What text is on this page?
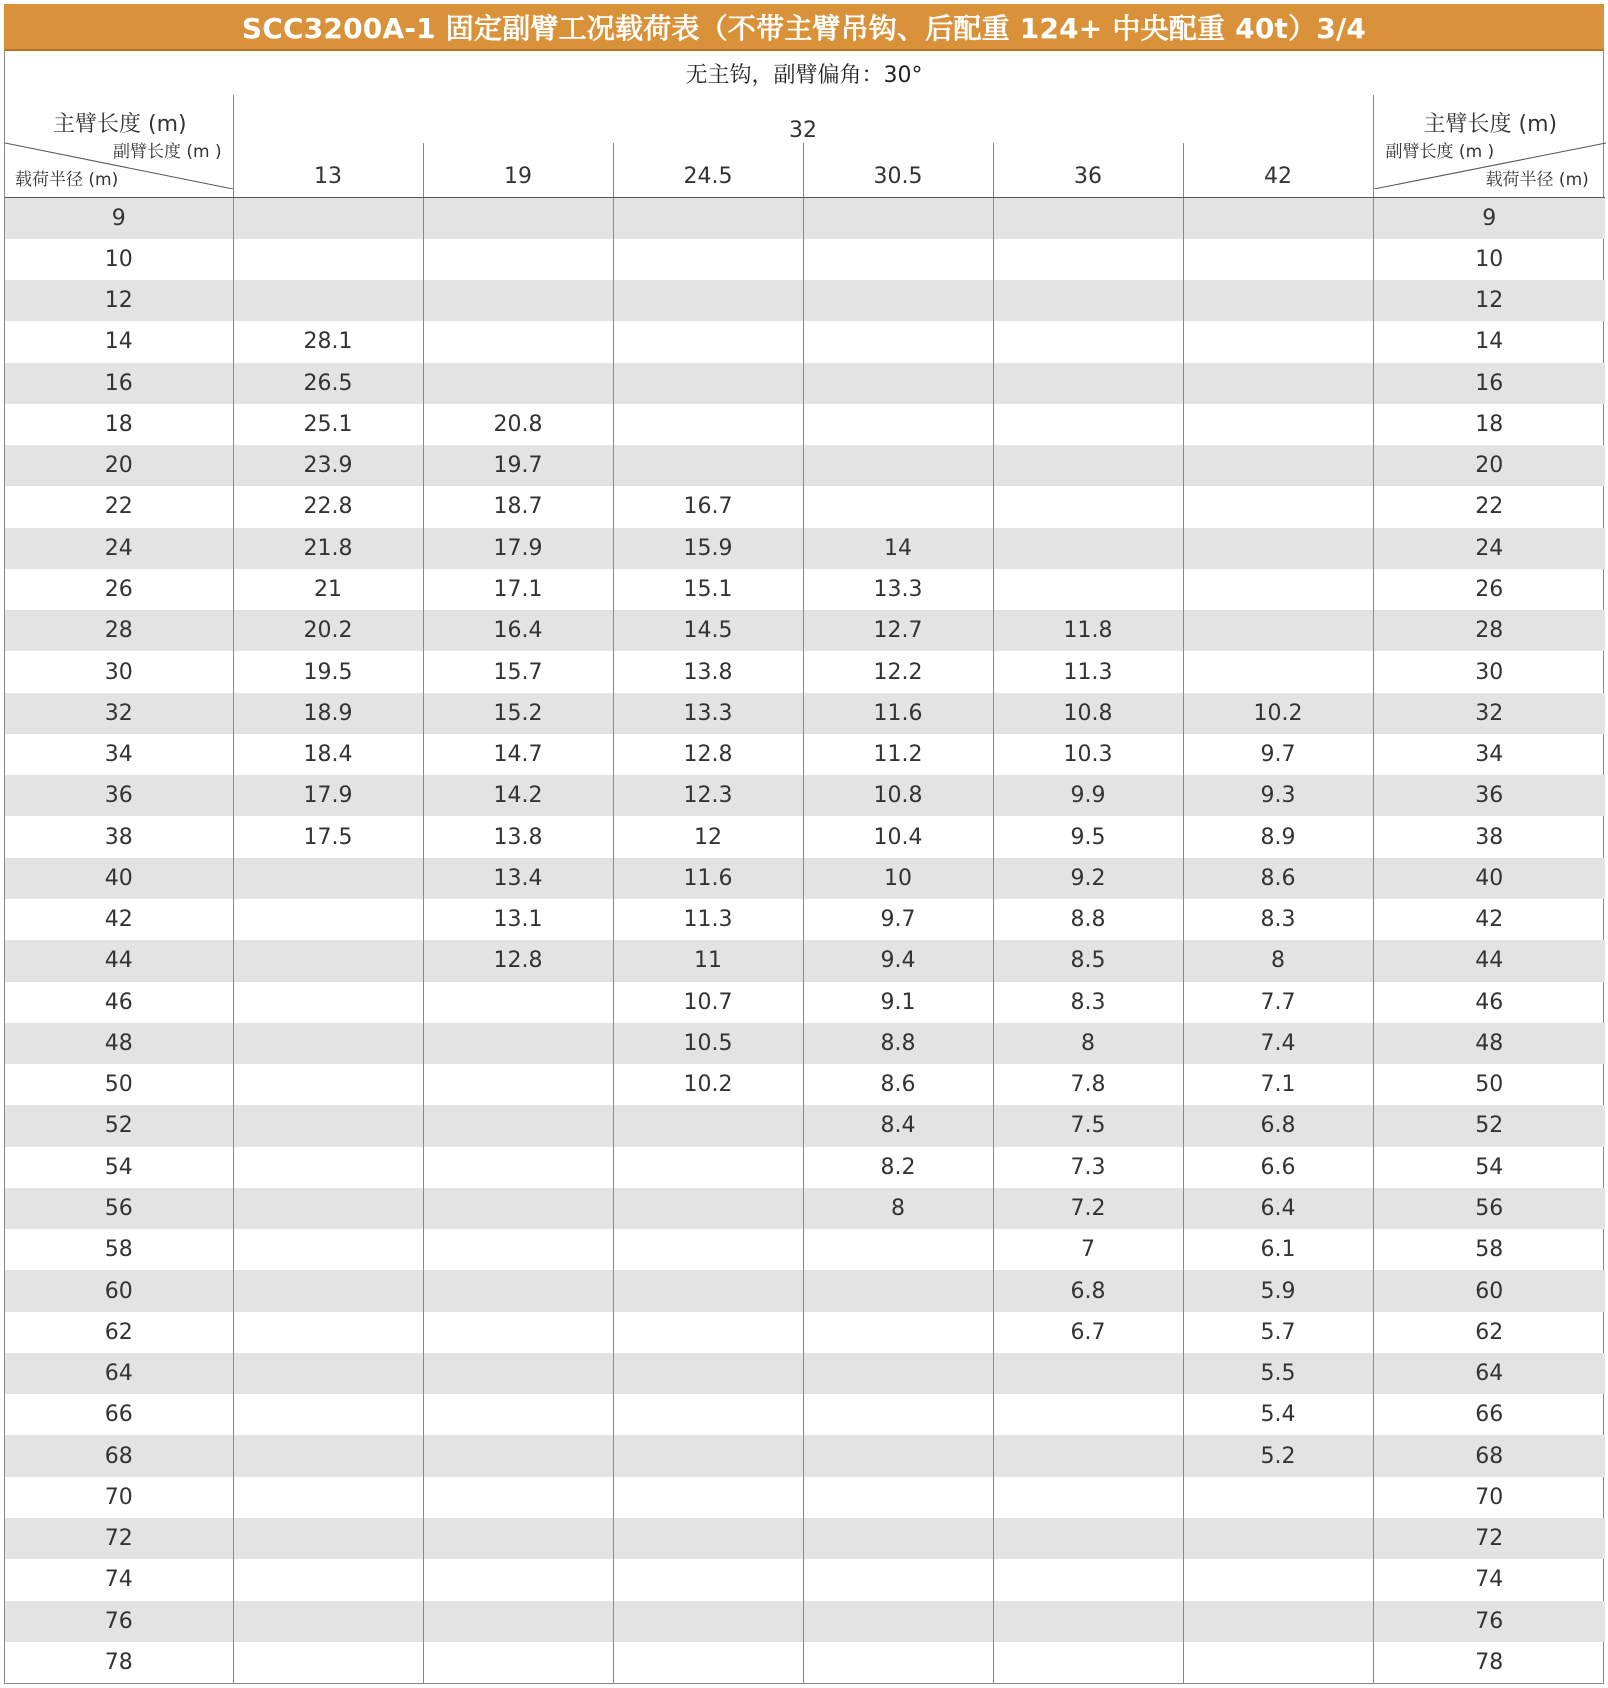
SCC3200A-1 固定副臂工况载荷表（不带主臂吊钩、后配重 124+ 中央配重 40t）3/4
无主钩，副臂偏角：30°
主臂长度 (m)
副臂长度 (m )
载荷半径 (m)	32						主臂长度 (m)
副臂长度 (m )
载荷半径 (m)

	13	19	24.5	30.5	36	42	
9							9
10							10
12							12
14	28.1						14
16	26.5						16
18	25.1	20.8					18
20	23.9	19.7					20
22	22.8	18.7	16.7				22
24	21.8	17.9	15.9	14			24
26	21	17.1	15.1	13.3			26
28	20.2	16.4	14.5	12.7	11.8		28
30	19.5	15.7	13.8	12.2	11.3		30
32	18.9	15.2	13.3	11.6	10.8	10.2	32
34	18.4	14.7	12.8	11.2	10.3	9.7	34
36	17.9	14.2	12.3	10.8	9.9	9.3	36
38	17.5	13.8	12	10.4	9.5	8.9	38
40		13.4	11.6	10	9.2	8.6	40
42		13.1	11.3	9.7	8.8	8.3	42
44		12.8	11	9.4	8.5	8	44
46			10.7	9.1	8.3	7.7	46
48			10.5	8.8	8	7.4	48
50			10.2	8.6	7.8	7.1	50
52				8.4	7.5	6.8	52
54				8.2	7.3	6.6	54
56				8	7.2	6.4	56
58					7	6.1	58
60					6.8	5.9	60
62					6.7	5.7	62
64						5.5	64
66						5.4	66
68						5.2	68
70							70
72							72
74							74
76							76
78							78
